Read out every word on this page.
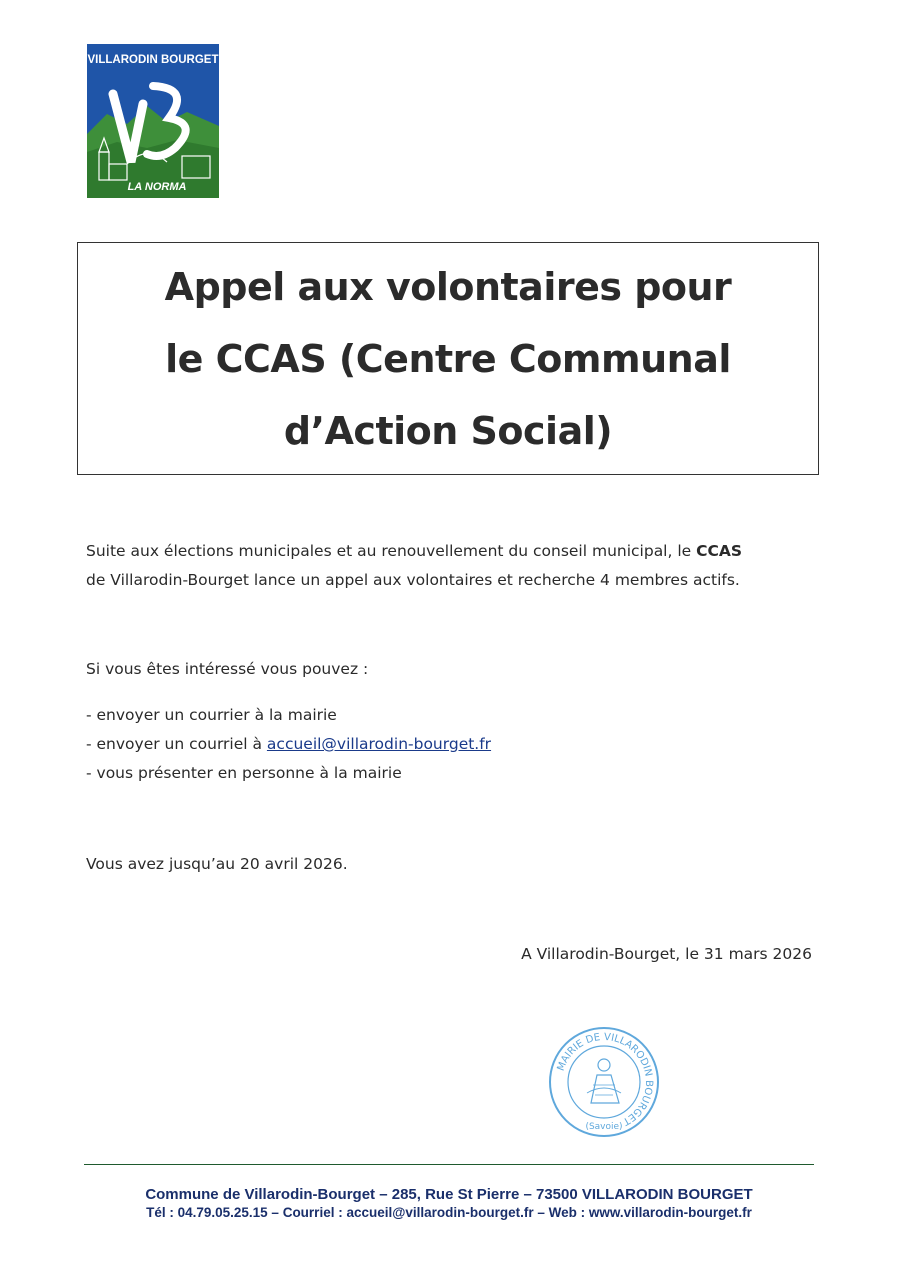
VILLARODIN BOURGET
LA NORMA
Appel aux volontaires pour
le CCAS (Centre Communal
d’Action Social)
Suite aux élections municipales et au renouvellement du conseil municipal, le CCAS
de Villarodin-Bourget lance un appel aux volontaires et recherche 4 membres actifs.
Si vous êtes intéressé vous pouvez :
- envoyer un courrier à la mairie
- envoyer un courriel à accueil@villarodin-bourget.fr
- vous présenter en personne à la mairie
Vous avez jusqu’au 20 avril 2026.
A Villarodin-Bourget, le 31 mars 2026
MAIRIE DE VILLARODIN BOURGET
(Savoie)
Commune de Villarodin-Bourget – 285, Rue St Pierre – 73500 VILLARODIN BOURGET
Tél : 04.79.05.25.15 – Courriel : accueil@villarodin-bourget.fr – Web : www.villarodin-bourget.fr
